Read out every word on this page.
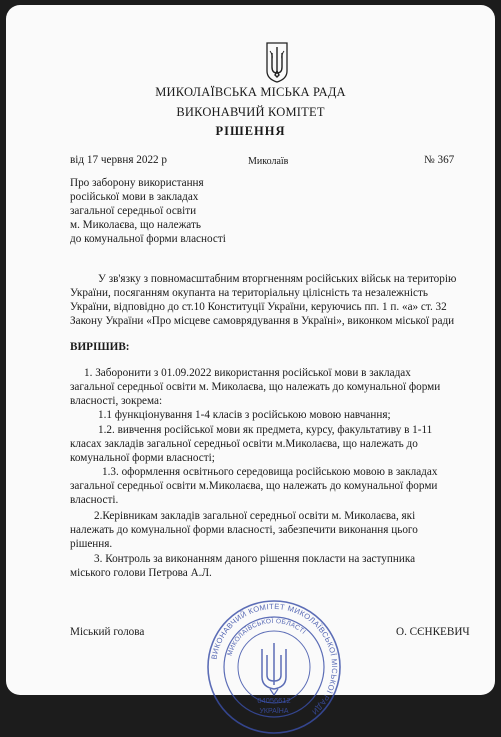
МИКОЛАЇВСЬКА МІСЬКА РАДА
ВИКОНАВЧИЙ КОМІТЕТ
РІШЕННЯ
від 17 червня 2022 р	Миколаїв	№ 367
Про заборону використання
російської мови в закладах
загальної середньої освіти
м. Миколаєва, що належать
до комунальної форми власності
У зв'язку з повномасштабним вторгненням російських військ на територію
України, посяганням окупанта на територіальну цілісність та незалежність
України, відповідно до ст.10 Конституції України, керуючись пп. 1 п. «а» ст. 32
Закону України «Про місцеве самоврядування в Україні», виконком міської ради
ВИРІШИВ:
1. Заборонити з 01.09.2022 використання російської мови в закладах
загальної середньої освіти м. Миколаєва, що належать до комунальної форми
власності, зокрема:
1.1 функціонування 1-4 класів з російською мовою навчання;
1.2. вивчення російської мови як предмета, курсу, факультативу в 1-11
класах закладів загальної середньої освіти м.Миколаєва, що належать до
комунальної форми власності;
1.3. оформлення освітнього середовища російською мовою в закладах
загальної середньої освіти м.Миколаєва, що належать до комунальної форми
власності.
2.Керівникам закладів загальної середньої освіти м. Миколаєва, які
належать до комунальної форми власності, забезпечити виконання цього
рішення.
3. Контроль за виконанням даного рішення покласти на заступника
міського голови Петрова А.Л.
Міський голова	О. СЄНКЕВИЧ
ВИКОНАВЧИЙ КОМІТЕТ МИКОЛАЇВСЬКОЇ МІСЬКОЇ РАДИ
МИКОЛАЇВСЬКОЇ ОБЛАСТІ
04056612
УКРАЇНА
